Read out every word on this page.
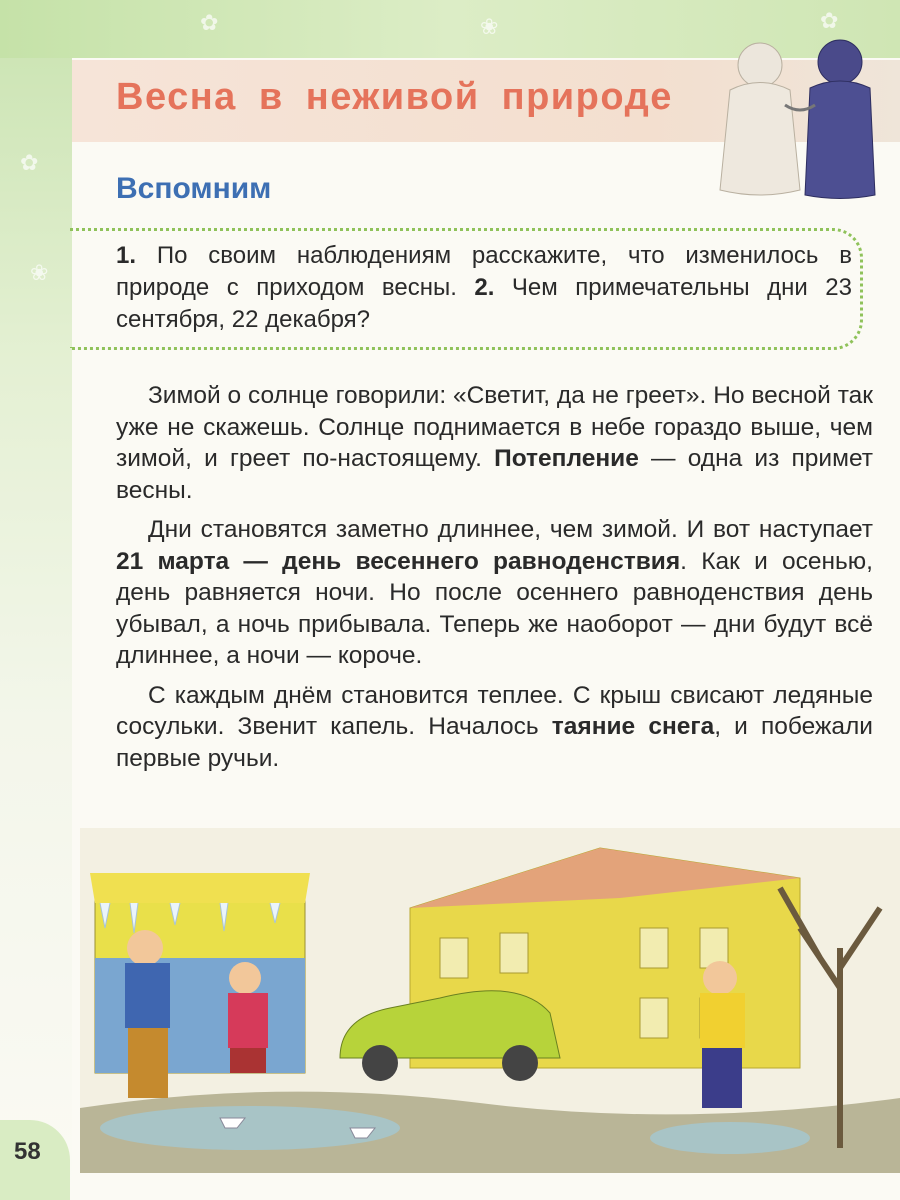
✿
❀
✿	❀	✿
Весна в неживой природе
Вспомним
1. По своим наблюдениям расскажите, что изменилось в природе с приходом весны. 2. Чем примечательны дни 23 сентября, 22 декабря?

Зимой о солнце говорили: «Светит, да не греет». Но весной так уже не скажешь. Солнце поднимается в небе гораздо выше, чем зимой, и греет по-настоящему. Потепление — одна из примет весны.

Дни становятся заметно длиннее, чем зимой. И вот наступает 21 марта — день весеннего равноденствия. Как и осенью, день равняется ночи. Но после осеннего равноденствия день убывал, а ночь прибывала. Теперь же наоборот — дни будут всё длиннее, а ночи — короче.

С каждым днём становится теплее. С крыш свисают ледяные сосульки. Звенит капель. Началось таяние снега, и побежали первые ручьи.

58
